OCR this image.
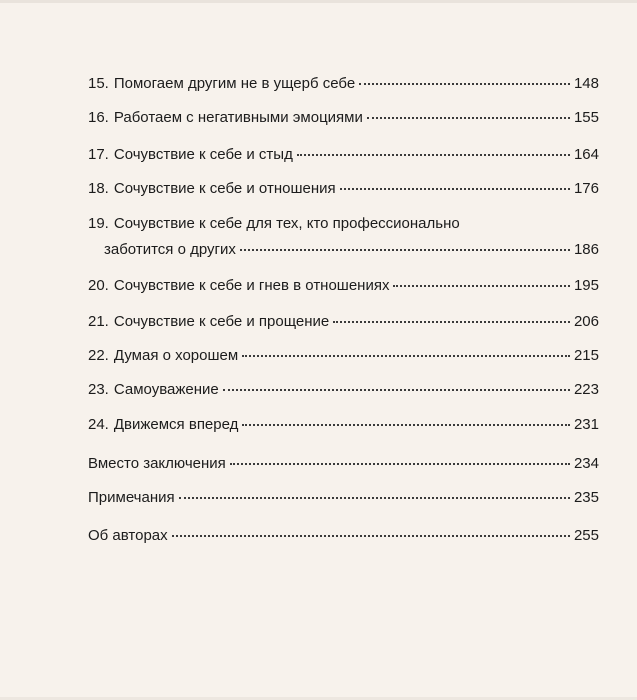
15. Помогаем другим не в ущерб себе	148
16. Работаем с негативными эмоциями	155
17. Сочувствие к себе и стыд	164
18. Сочувствие к себе и отношения	176
19. Сочувствие к себе для тех, кто профессионально
заботится о других	186
20. Сочувствие к себе и гнев в отношениях	195
21. Сочувствие к себе и прощение	206
22. Думая о хорошем	215
23. Самоуважение	223
24. Движемся вперед	231
Вместо заключения	234
Примечания	235
Об авторах	255
